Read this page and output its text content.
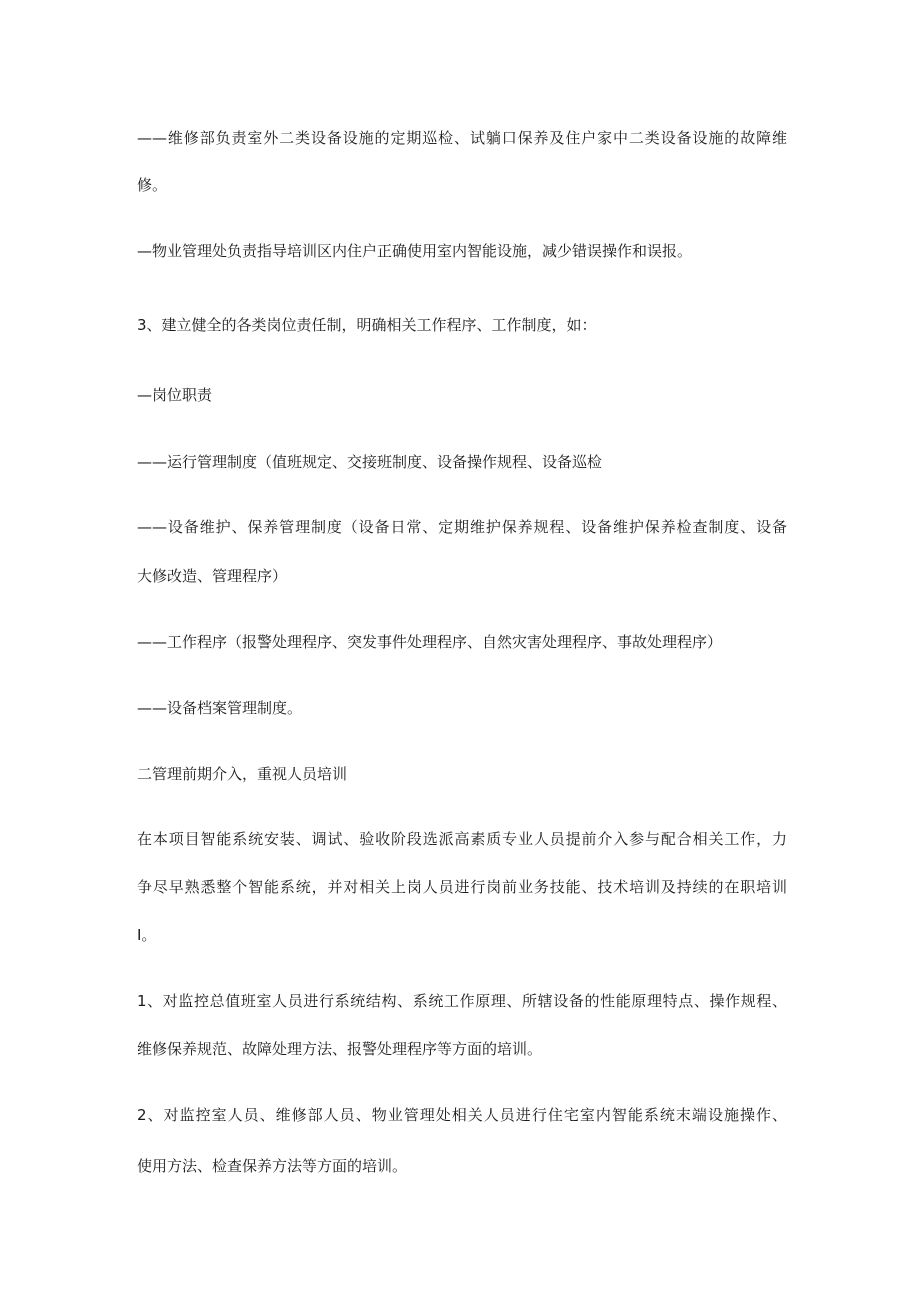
——维修部负责室外二类设备设施的定期巡检、试躺口保养及住户家中二类设备设施的故障维
修。
—物业管理处负责指导培训区内住户正确使用室内智能设施，减少错误操作和误报。
3、建立健全的各类岗位责任制，明确相关工作程序、工作制度，如：
—岗位职责
——运行管理制度（值班规定、交接班制度、设备操作规程、设备巡检
——设备维护、保养管理制度（设备日常、定期维护保养规程、设备维护保养检查制度、设备
大修改造、管理程序）
——工作程序（报警处理程序、突发事件处理程序、自然灾害处理程序、事故处理程序）
——设备档案管理制度。
二管理前期介入，重视人员培训
在本项目智能系统安装、调试、验收阶段选派高素质专业人员提前介入参与配合相关工作，力
争尽早熟悉整个智能系统，并对相关上岗人员进行岗前业务技能、技术培训及持续的在职培训
I。
1、对监控总值班室人员进行系统结构、系统工作原理、所辖设备的性能原理特点、操作规程、
维修保养规范、故障处理方法、报警处理程序等方面的培训。
2、对监控室人员、维修部人员、物业管理处相关人员进行住宅室内智能系统末端设施操作、
使用方法、检查保养方法等方面的培训。
